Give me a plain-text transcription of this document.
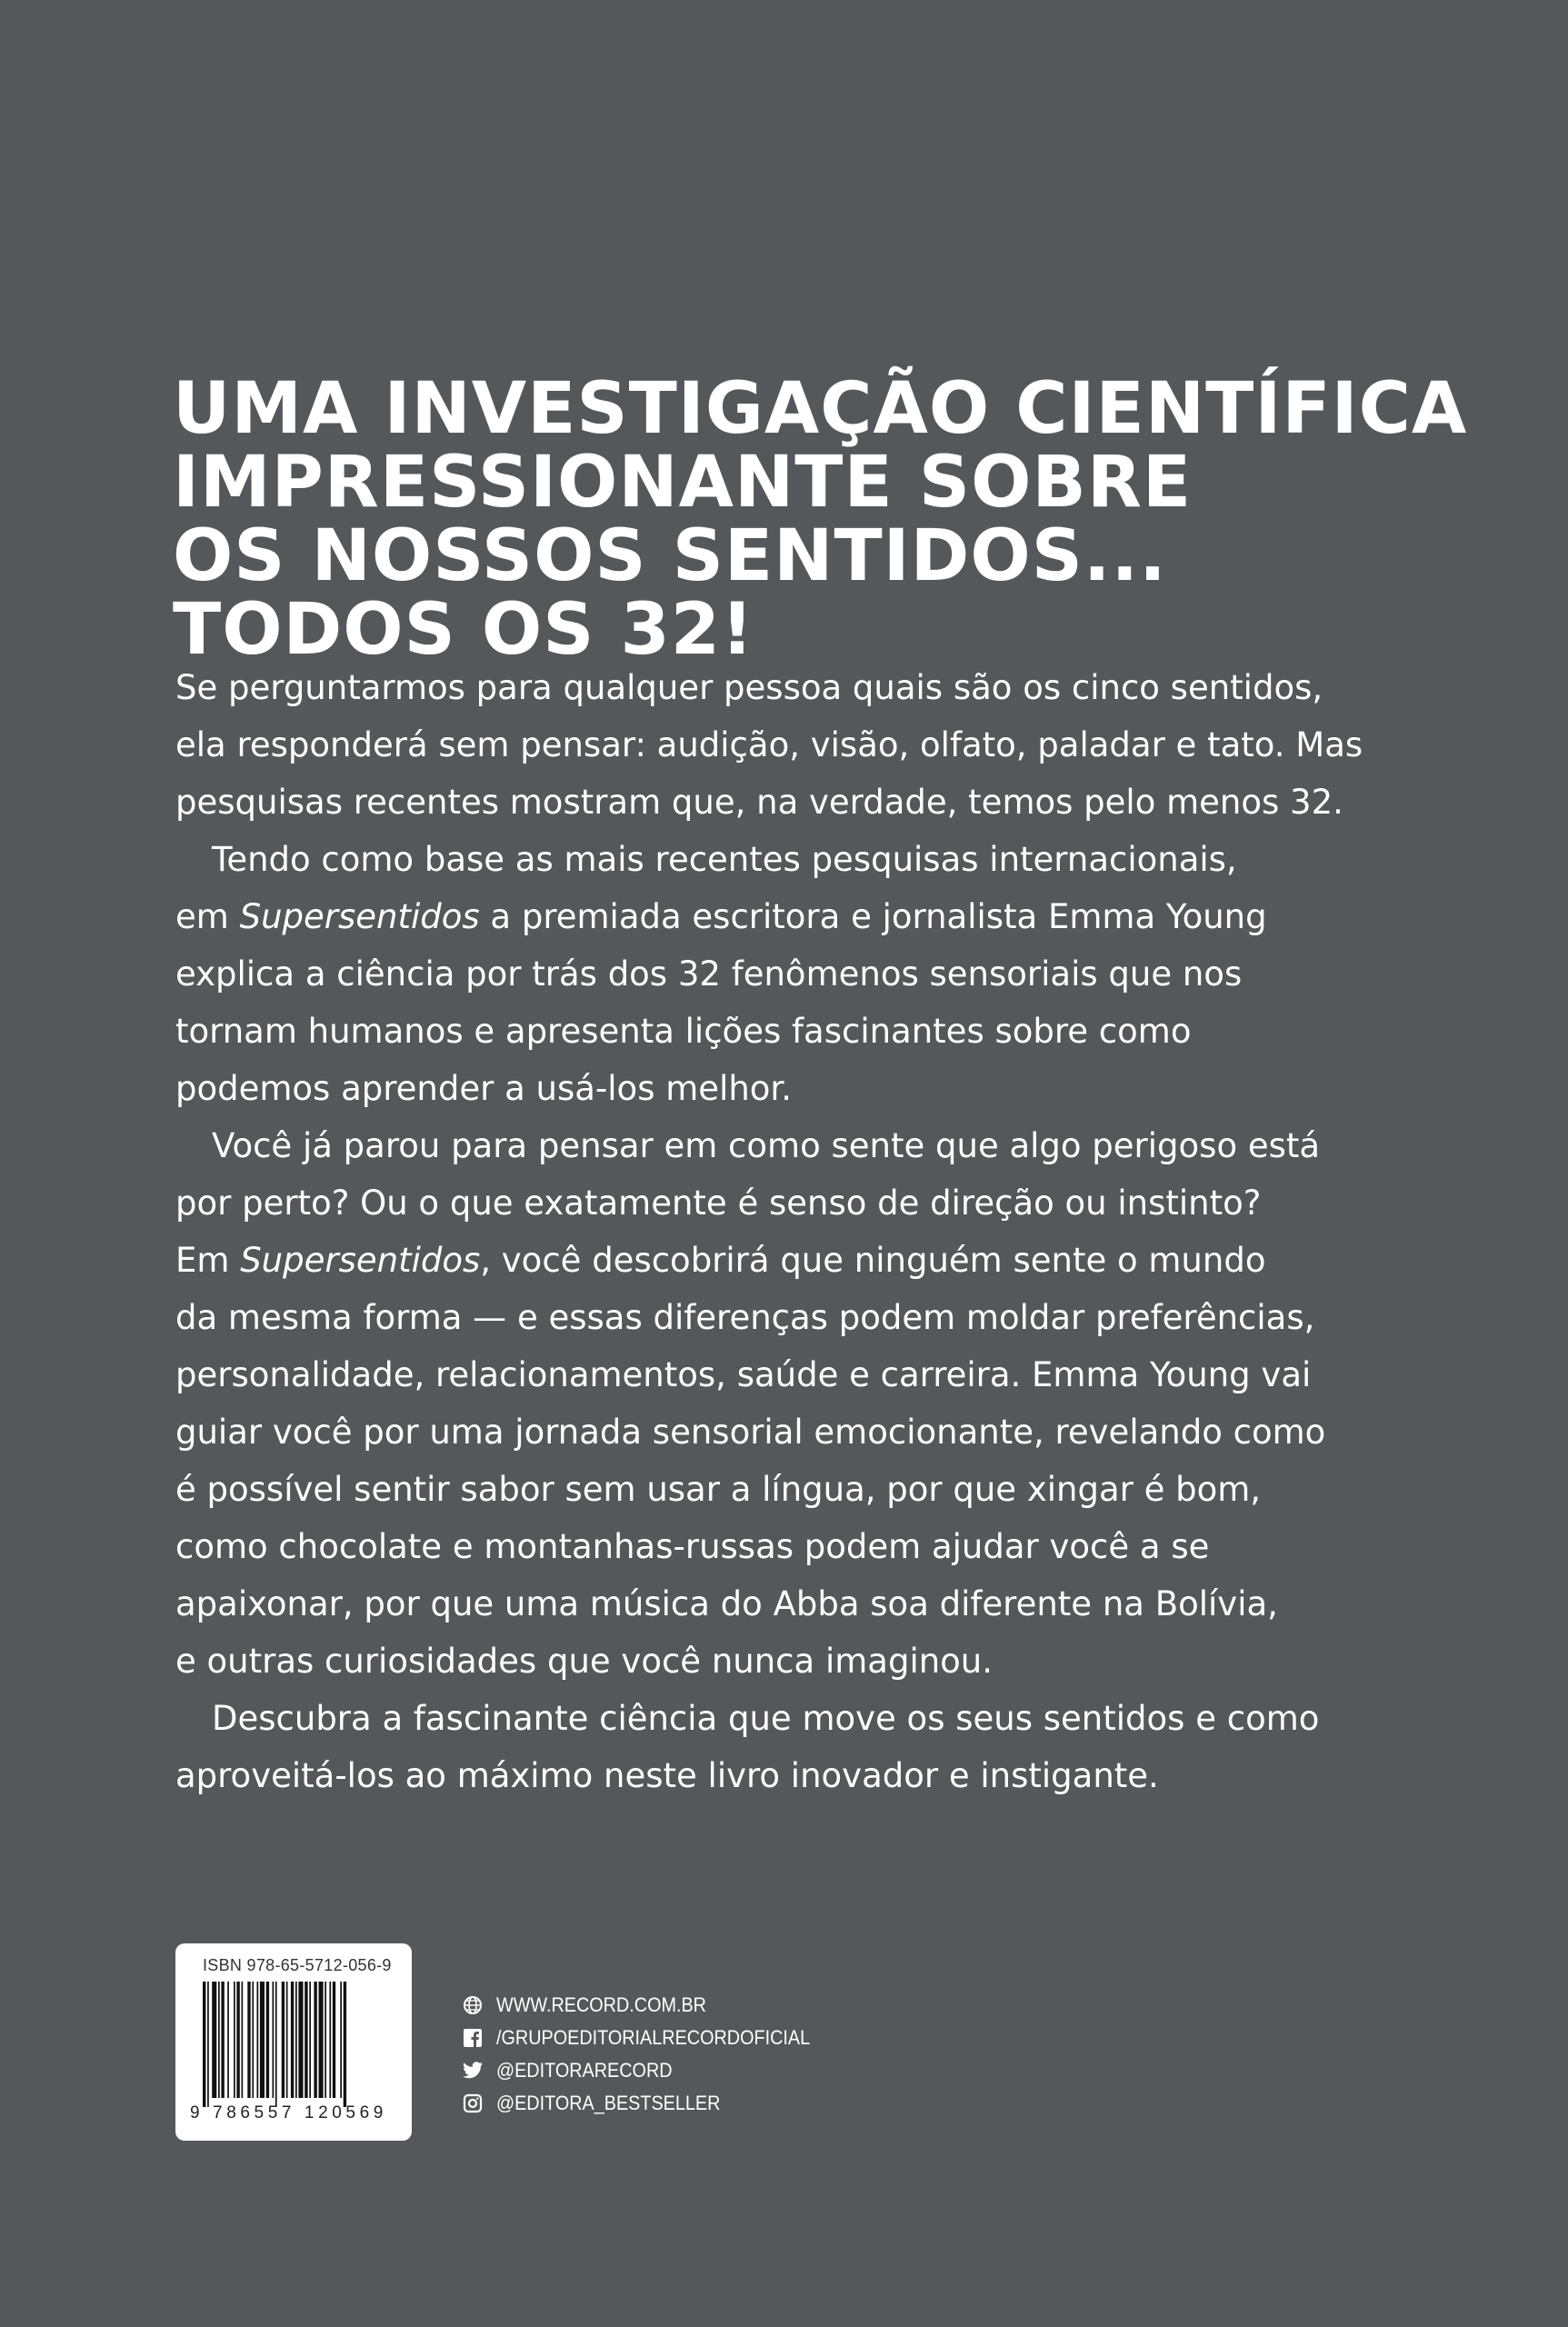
UMA INVESTIGAÇÃO CIENTÍFICA
IMPRESSIONANTE SOBRE
OS NOSSOS SENTIDOS...
TODOS OS 32!
Se perguntarmos para qualquer pessoa quais são os cinco sentidos,
ela responderá sem pensar: audição, visão, olfato, paladar e tato. Mas
pesquisas recentes mostram que, na verdade, temos pelo menos 32.
Tendo como base as mais recentes pesquisas internacionais,
em Supersentidos a premiada escritora e jornalista Emma Young
explica a ciência por trás dos 32 fenômenos sensoriais que nos
tornam humanos e apresenta lições fascinantes sobre como
podemos aprender a usá-los melhor.
Você já parou para pensar em como sente que algo perigoso está
por perto? Ou o que exatamente é senso de direção ou instinto?
Em Supersentidos, você descobrirá que ninguém sente o mundo
da mesma forma — e essas diferenças podem moldar preferências,
personalidade, relacionamentos, saúde e carreira. Emma Young vai
guiar você por uma jornada sensorial emocionante, revelando como
é possível sentir sabor sem usar a língua, por que xingar é bom,
como chocolate e montanhas-russas podem ajudar você a se
apaixonar, por que uma música do Abba soa diferente na Bolívia,
e outras curiosidades que você nunca imaginou.
Descubra a fascinante ciência que move os seus sentidos e como
aproveitá-los ao máximo neste livro inovador e instigante.
ISBN 978-65-5712-056-9
9 786557 120569
WWW.RECORD.COM.BR
/GRUPOEDITORIALRECORDOFICIAL
@EDITORARECORD
@EDITORA_BESTSELLER
